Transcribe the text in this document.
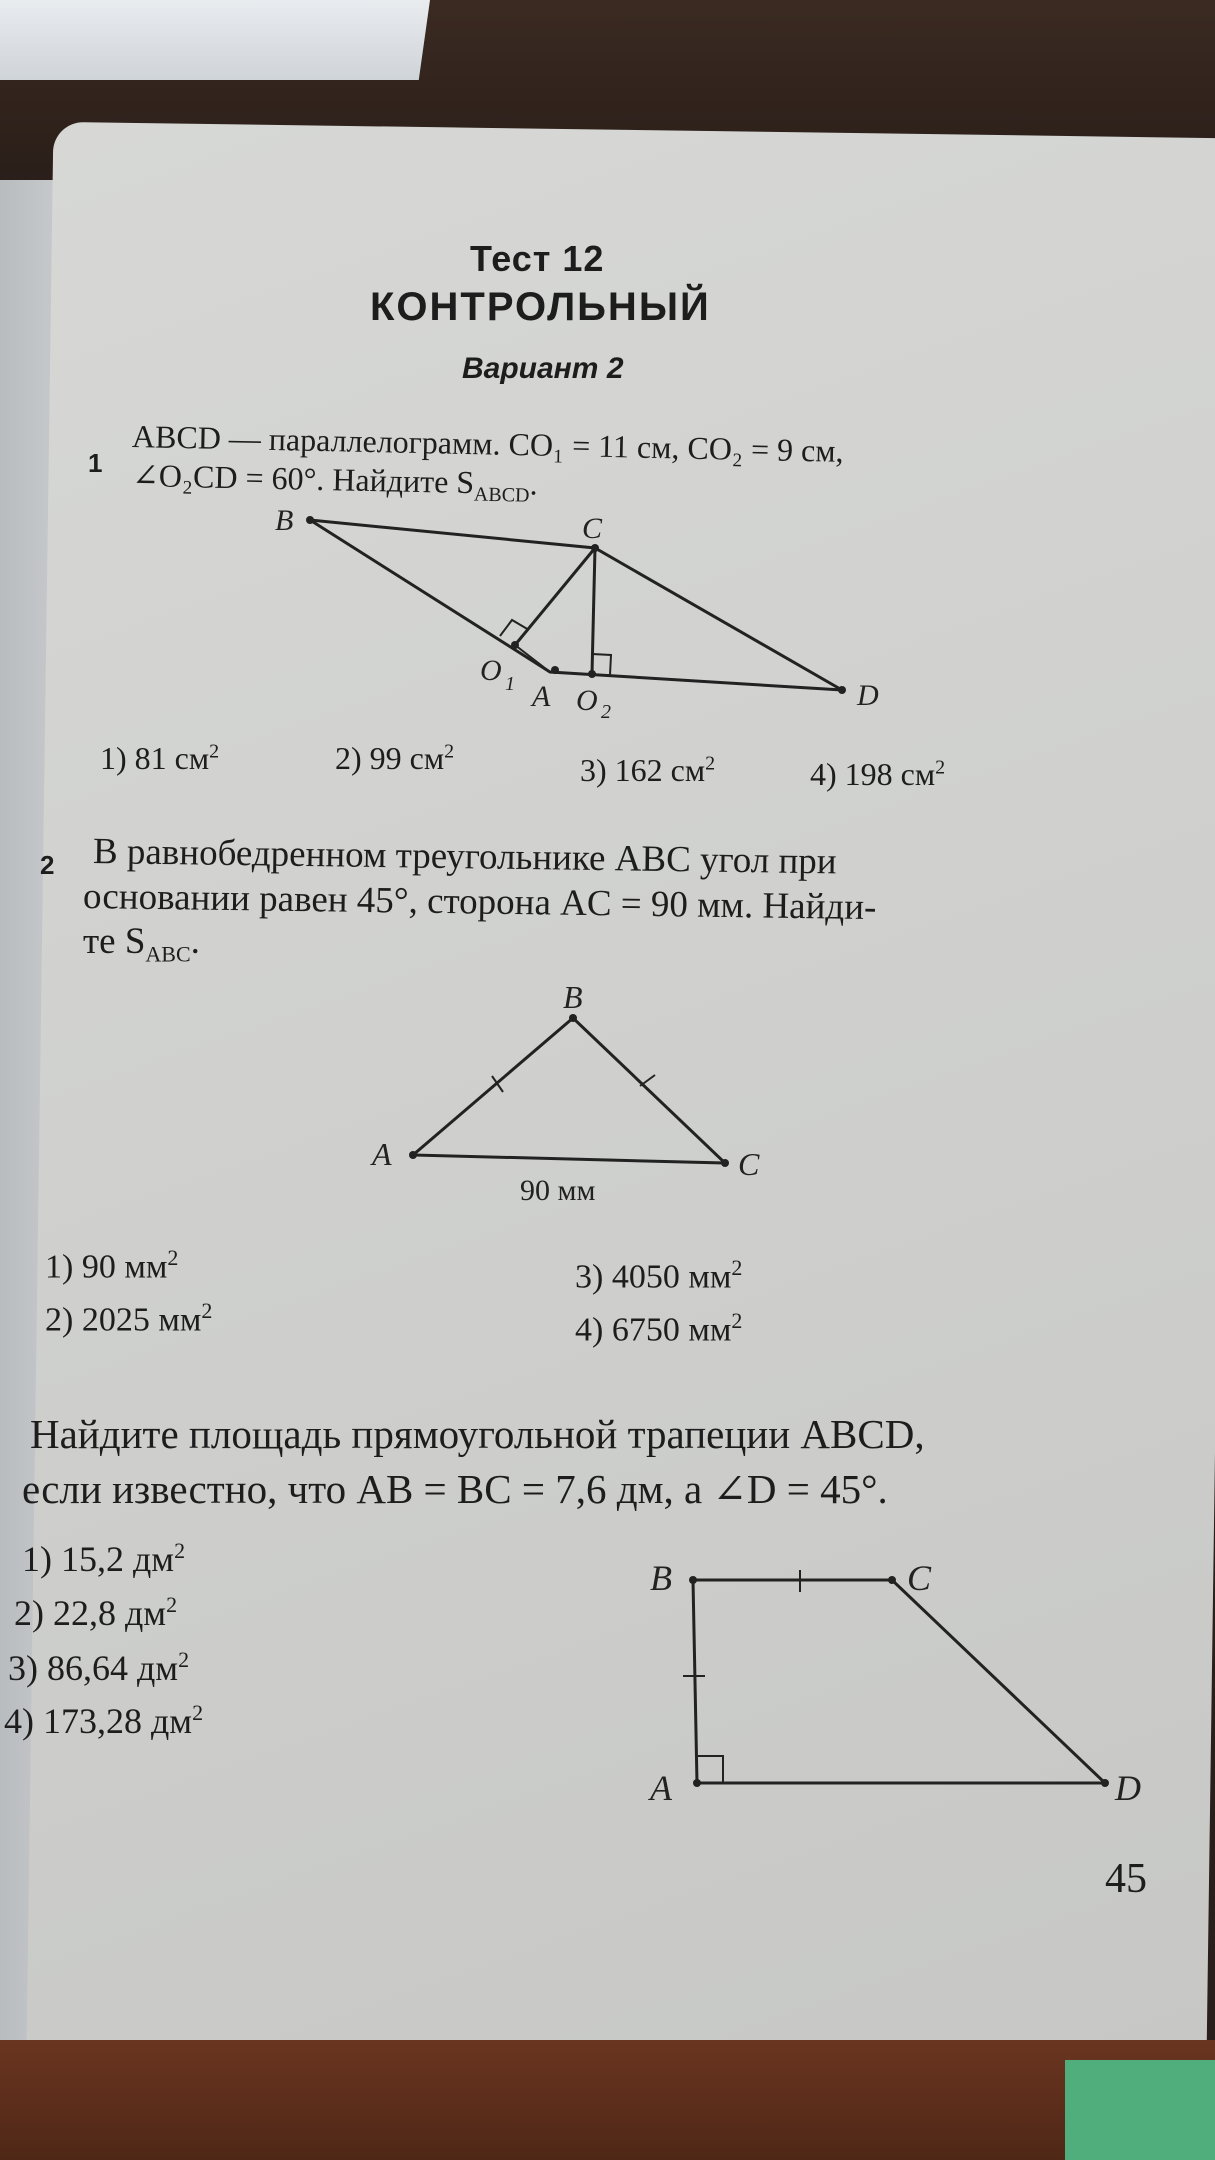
Тест 12
КОНТРОЛЬНЫЙ
Вариант 2
1 ABCD — параллелограмм. CO₁ = 11 см, CO₂ = 9 см,
∠O₂CD = 60°. Найдите $S_{ABCD}$.
B	C
D
A
O 1 O 2
1) 81 $см^2$	2) 99 $см^2$
3) 162 $см^2$	4) 198 $см^2$
2 В равнобедренном треугольнике ABC угол при
основании равен 45°, сторона AC = 90 мм. Найди-
те $S_{ABC}$.
B
A	C
90 мм
1) 90 $мм^2$
2) 2025 $мм^2$
3) 4050 $мм^2$
4) 6750 $мм^2$
Найдите площадь прямоугольной трапеции ABCD,
если известно, что AB = BC = 7,6 дм, а ∠D = 45°.
B	C
A	D
1) 15,2 $дм^2$
2) 22,8 $дм^2$
3) 86,64 $дм^2$
4) 173,28 $дм^2$
45
